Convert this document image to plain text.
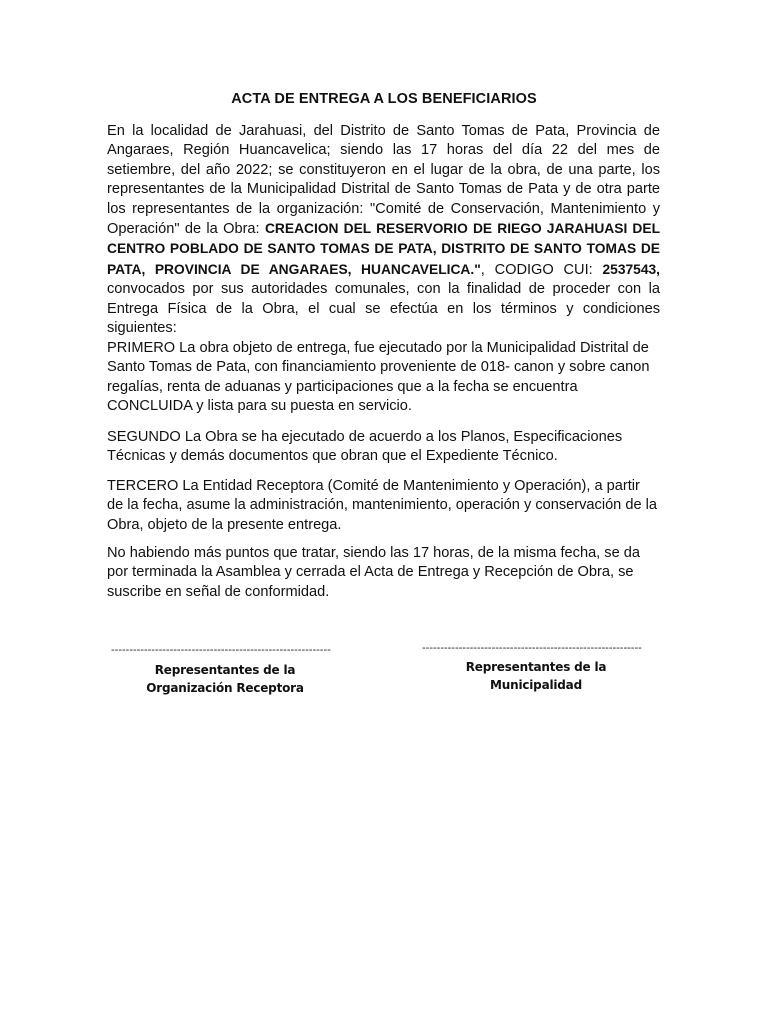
ACTA DE ENTREGA A LOS BENEFICIARIOS

En la localidad de Jarahuasi, del Distrito de Santo Tomas de Pata, Provincia de Angaraes, Región Huancavelica; siendo las 17 horas del día 22 del mes de setiembre, del año 2022; se constituyeron en el lugar de la obra, de una parte, los representantes de la Municipalidad Distrital de Santo Tomas de Pata y de otra parte los representantes de la organización: "Comité de Conservación, Mantenimiento y Operación" de la Obra: CREACION DEL RESERVORIO DE RIEGO JARAHUASI DEL CENTRO POBLADO DE SANTO TOMAS DE PATA, DISTRITO DE SANTO TOMAS DE PATA, PROVINCIA DE ANGARAES, HUANCAVELICA.", CODIGO CUI: 2537543, convocados por sus autoridades comunales, con la finalidad de proceder con la Entrega Física de la Obra, el cual se efectúa en los términos y condiciones siguientes:

PRIMERO La obra objeto de entrega, fue ejecutado por la Municipalidad Distrital de Santo Tomas de Pata, con financiamiento proveniente de 018- canon y sobre canon regalías, renta de aduanas y participaciones que a la fecha se encuentra CONCLUIDA y lista para su puesta en servicio.

SEGUNDO La Obra se ha ejecutado de acuerdo a los Planos, Especificaciones Técnicas y demás documentos que obran que el Expediente Técnico.

TERCERO La Entidad Receptora (Comité de Mantenimiento y Operación), a partir de la fecha, asume la administración, mantenimiento, operación y conservación de la Obra, objeto de la presente entrega.

No habiendo más puntos que tratar, siendo las 17 horas, de la misma fecha, se da por terminada la Asamblea y cerrada el Acta de Entrega y Recepción de Obra, se suscribe en señal de conformidad.

------------------------------------------------------------
Representantes de la Organización Receptora
------------------------------------------------------------
Representantes de la Municipalidad
